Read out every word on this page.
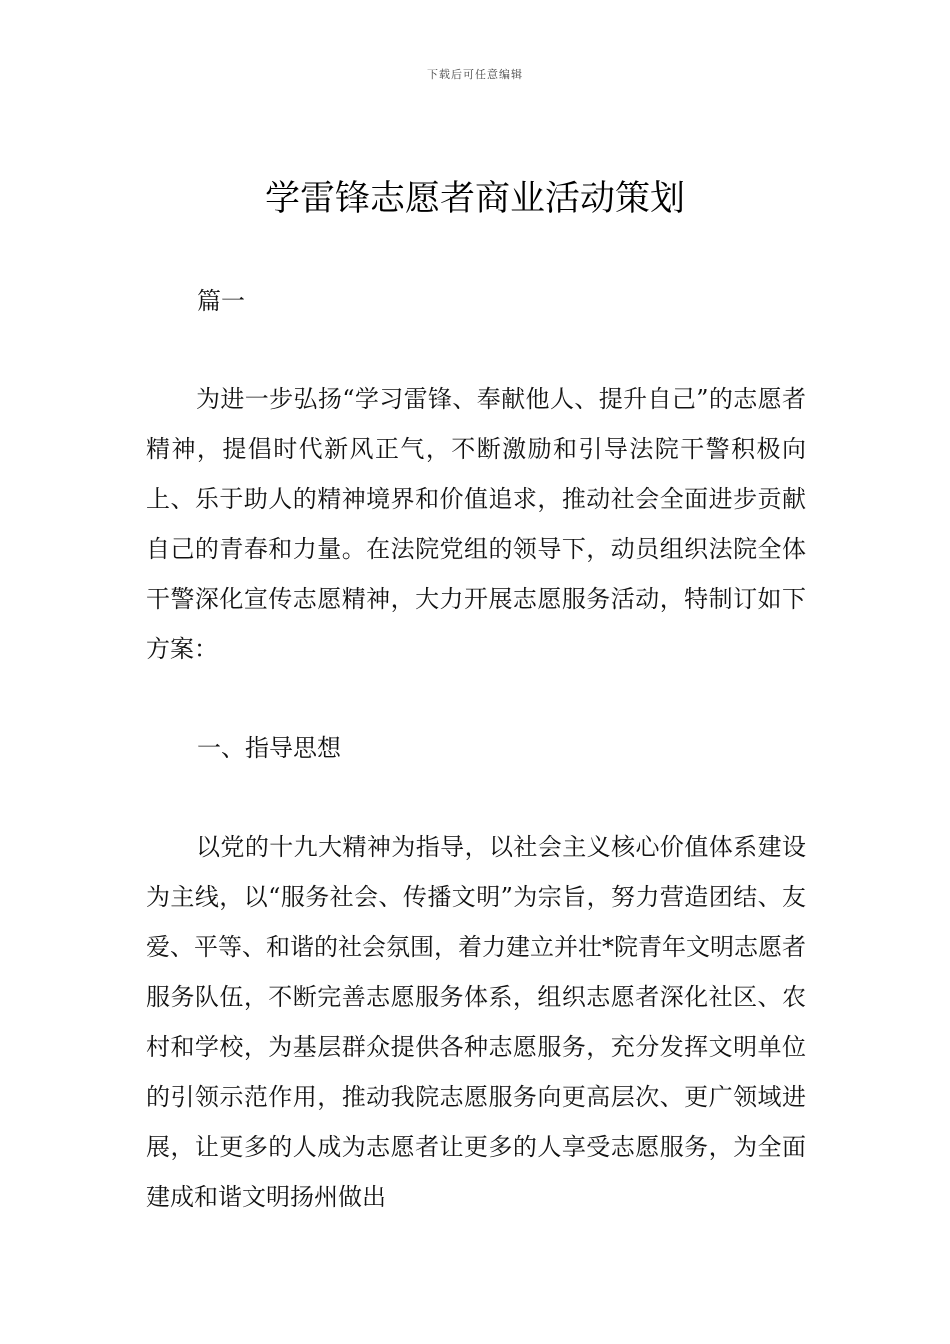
下载后可任意编辑
学雷锋志愿者商业活动策划

篇一

为进一步弘扬“学习雷锋、奉献他人、提升自己”的志愿者精神，提倡时代新风正气，不断激励和引导法院干警积极向上、乐于助人的精神境界和价值追求，推动社会全面进步贡献自己的青春和力量。在法院党组的领导下，动员组织法院全体干警深化宣传志愿精神，大力开展志愿服务活动，特制订如下方案：

一、指导思想

以党的十九大精神为指导，以社会主义核心价值体系建设为主线，以“服务社会、传播文明”为宗旨，努力营造团结、友爱、平等、和谐的社会氛围，着力建立并壮*院青年文明志愿者服务队伍，不断完善志愿服务体系，组织志愿者深化社区、农村和学校，为基层群众提供各种志愿服务，充分发挥文明单位的引领示范作用，推动我院志愿服务向更高层次、更广领域进展，让更多的人成为志愿者让更多的人享受志愿服务，为全面建成和谐文明扬州做出
